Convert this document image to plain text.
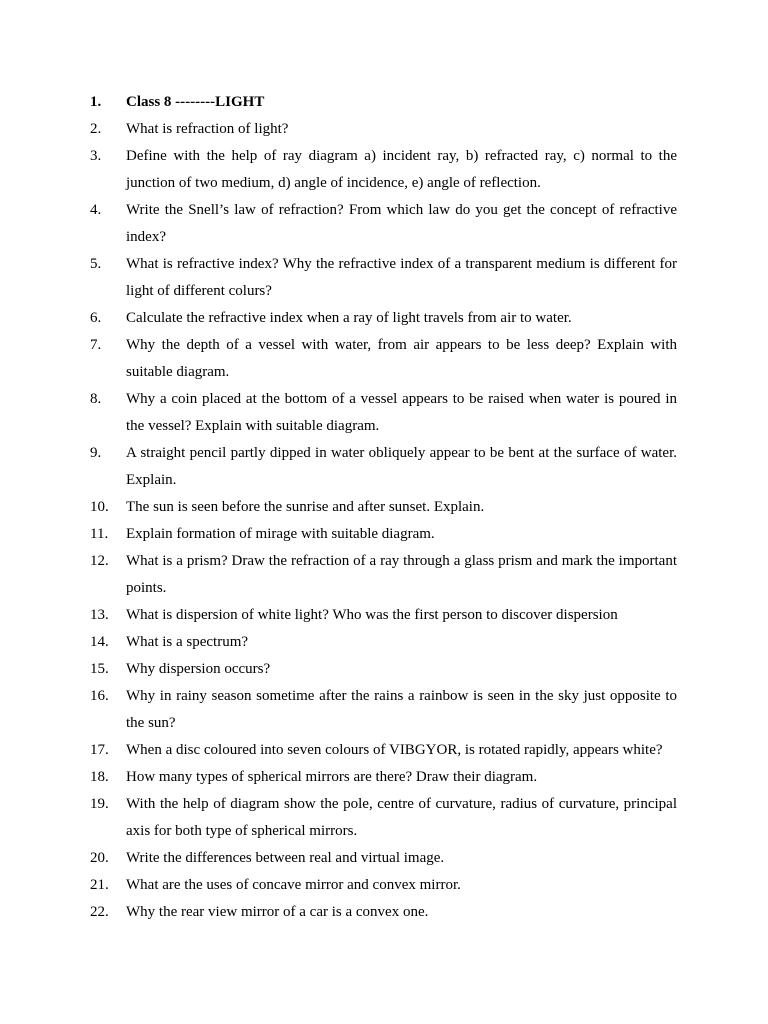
1.	Class 8 --------LIGHT
2.	What is refraction of light?
3.	Define with the help of ray diagram a) incident ray, b) refracted ray, c) normal to the junction of two medium, d) angle of incidence, e) angle of reflection.
4.	Write the Snell’s law of refraction? From which law do you get the concept of refractive index?
5.	What is refractive index? Why the refractive index of a transparent medium is different for light of different colurs?
6.	Calculate the refractive index when a ray of light travels from air to water.
7.	Why the depth of a vessel with water, from air appears to be less deep? Explain with suitable diagram.
8.	Why a coin placed at the bottom of a vessel appears to be raised when water is poured in the vessel? Explain with suitable diagram.
9.	A straight pencil partly dipped in water obliquely appear to be bent at the surface of water. Explain.
10.	The sun is seen before the sunrise and after sunset. Explain.
11.	Explain formation of mirage with suitable diagram.
12.	What is a prism? Draw the refraction of a ray through a glass prism and mark the important points.
13.	What is dispersion of white light? Who was the first person to discover dispersion
14.	What is a spectrum?
15.	Why dispersion occurs?
16.	Why in rainy season sometime after the rains a rainbow is seen in the sky just opposite to the sun?
17.	When a disc coloured into seven colours of VIBGYOR, is rotated rapidly, appears white?
18.	How many types of spherical mirrors are there? Draw their diagram.
19.	With the help of diagram show the pole, centre of curvature, radius of curvature, principal axis for both type of spherical mirrors.
20.	Write the differences between real and virtual image.
21.	What are the uses of concave mirror and convex mirror.
22.	Why the rear view mirror of a car is a convex one.
